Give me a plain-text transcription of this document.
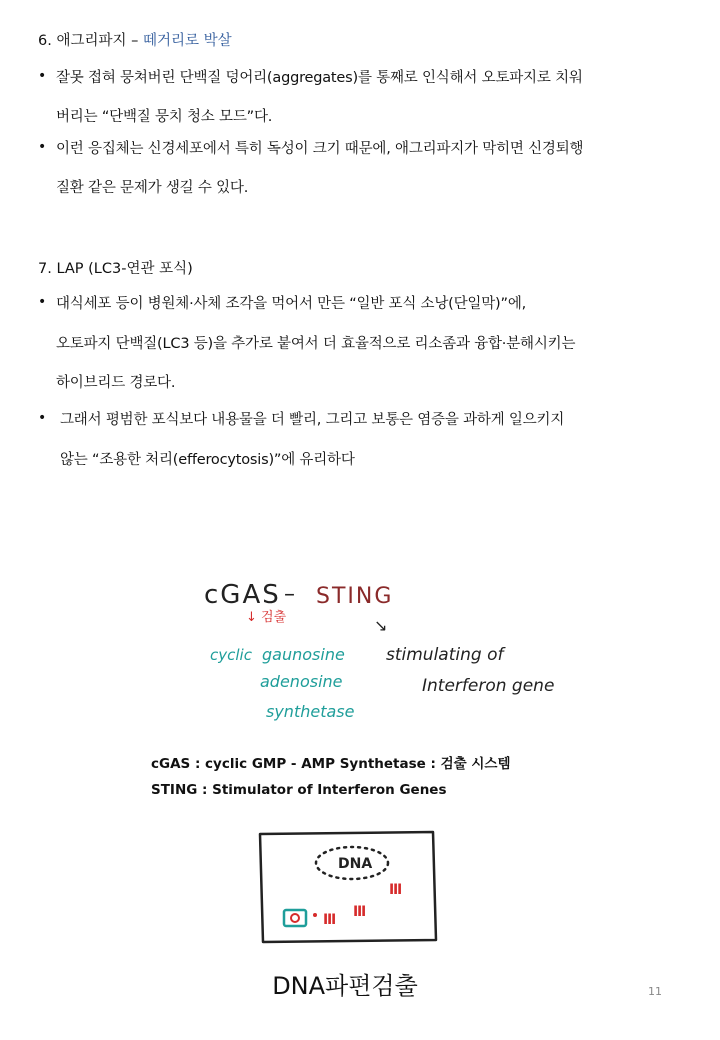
6. 애그리파지 – 떼거리로 박살
• 잘못 접혀 뭉쳐버린 단백질 덩어리(aggregates)를 통째로 인식해서 오토파지로 치워
버리는 “단백질 뭉치 청소 모드”다.
• 이런 응집체는 신경세포에서 특히 독성이 크기 때문에, 애그리파지가 막히면 신경퇴행
질환 같은 문제가 생길 수 있다.
7. LAP (LC3-연관 포식)
• 대식세포 등이 병원체·사체 조각을 먹어서 만든 “일반 포식 소낭(단일막)”에,
오토파지 단백질(LC3 등)을 추가로 붙여서 더 효율적으로 리소좀과 융합·분해시키는
하이브리드 경로다.
• 그래서 평범한 포식보다 내용물을 더 빨리, 그리고 보통은 염증을 과하게 일으키지
않는 “조용한 처리(efferocytosis)”에 유리하다
cGAS – STING
↓ 검출	↘
cyclic gaunosine
adenosine
synthetase
stimulating of
Interferon gene
cGAS : cyclic GMP - AMP Synthetase : 검출 시스템
STING : Stimulator of Interferon Genes
DNA
Ⅲ
Ⅲ
Ⅲ
DNA파편검출	11
